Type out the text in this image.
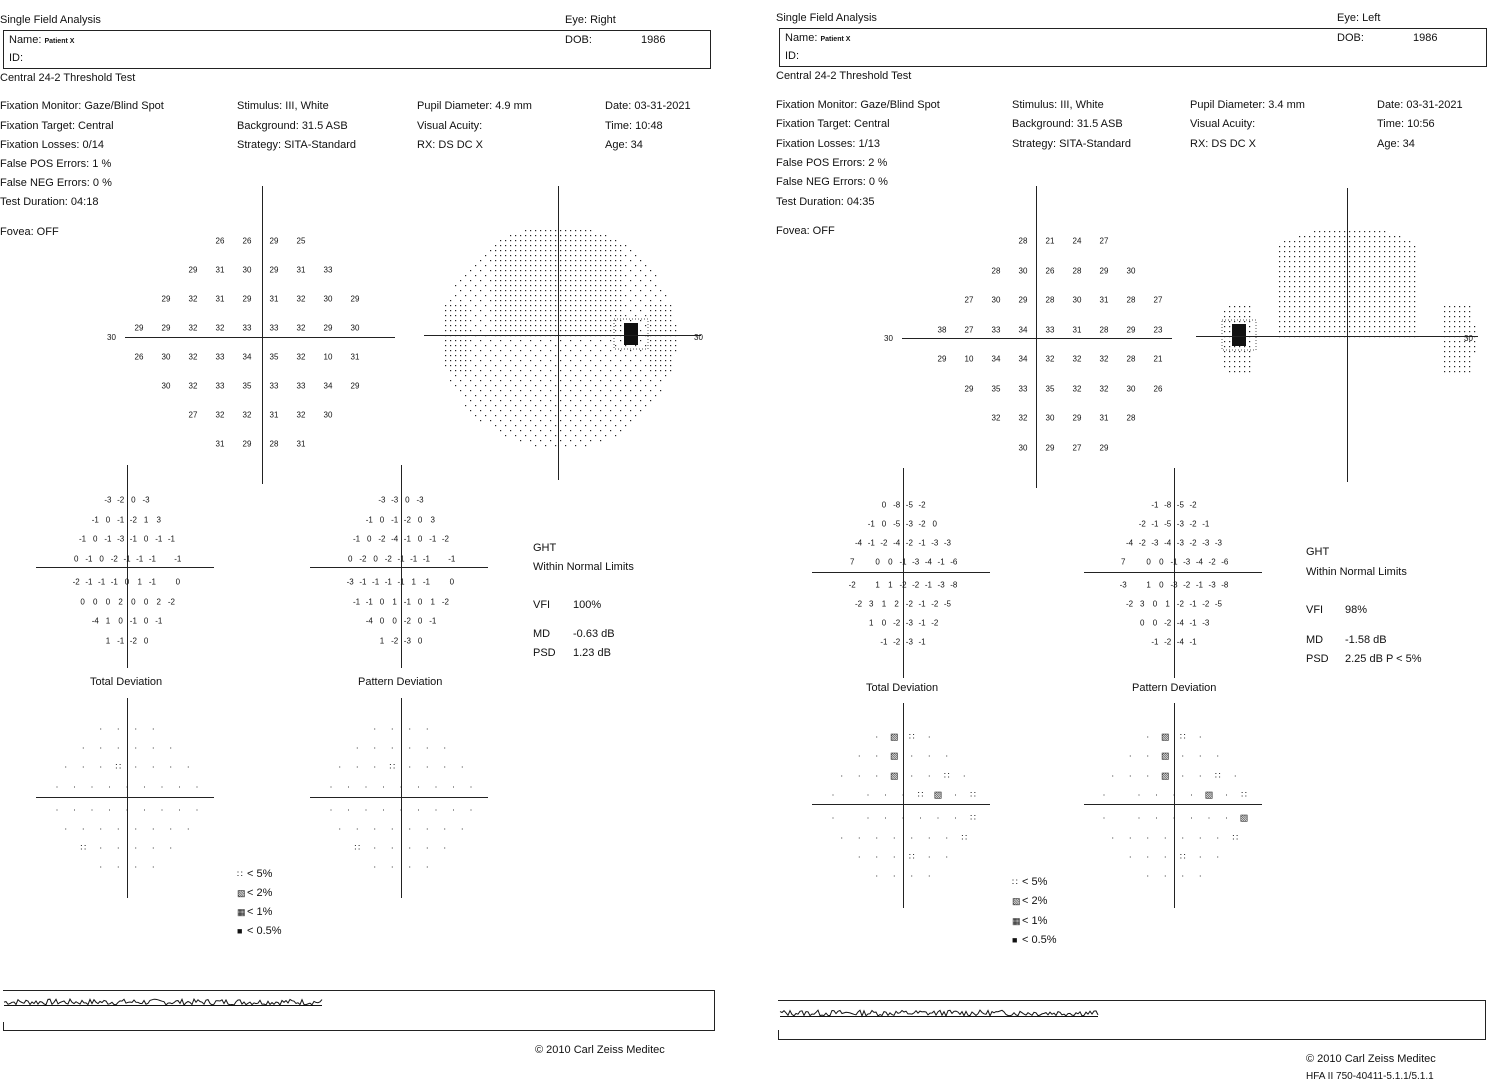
Single Field Analysis	Eye: Right
Name: Patient X
ID:
DOB:	1986
Central 24-2 Threshold Test
Fixation Monitor: Gaze/Blind Spot
Fixation Target: Central
Fixation Losses: 0/14
False POS Errors: 1 %
False NEG Errors: 0 %
Test Duration: 04:18
Stimulus: III, White
Background: 31.5 ASB
Strategy: SITA-Standard
Pupil Diameter: 4.9 mm
Visual Acuity:
RX: DS DC X
Date: 03-31-2021
Time: 10:48
Age: 34
Fovea: OFF
30
26 26 29 25
29 31 30 29 31 33
29 32 31 29 31 32 30 29
29 29 32 32 33 33 32 29 30
26 30 32 33 34 35 32 10 31
30 32 33 35 33 33 34 29
27 32 32 31 32 30
31 29 28 31
30
-3 -2 0 -3
-1 0 -1 -2 1 3
-1 0 -1 -3 -1 0 -1 -1
0 -1 0 -2 -1 -1 -1 -1
-2 -1 -1 -1 0 1 -1 0
0 0 0 2 0 0 2 -2
-4 1 0 -1 0 -1
1 -1 -2 0
-3 -3 0 -3
-1 0 -1 -2 0 3
-1 0 -2 -4 -1 0 -1 -2
0 -2 0 -2 -1 -1 -1 -1
-3 -1 -1 -1 -1 1 -1 0
-1 -1 0 1 -1 0 1 -2
-4 0 0 -2 0 -1
1 -2 -3 0
Total Deviation	Pattern Deviation
· · · ·
· · · · · ·
· · · ∷ · · · ·
· · · · · · · · ·
· · · · · · · · ·
· · · · · · · ·
∷ · · · · ·
· · · ·
· · · ·
· · · · · ·
· · · ∷ · · · ·
· · · · · · · · ·
· · · · · · · · ·
· · · · · · · ·
∷ · · · · ·
· · · ·
GHT
Within Normal Limits
VFI 100%
MD -0.63 dB
PSD 1.23 dB
∷ < 5%
▧< 2%
▦< 1%
■ < 0.5%
© 2010 Carl Zeiss Meditec
Single Field Analysis	Eye: Left
Name: Patient X
ID:
DOB:	1986
Central 24-2 Threshold Test
Fixation Monitor: Gaze/Blind Spot
Fixation Target: Central
Fixation Losses: 1/13
False POS Errors: 2 %
False NEG Errors: 0 %
Test Duration: 04:35
Stimulus: III, White
Background: 31.5 ASB
Strategy: SITA-Standard
Pupil Diameter: 3.4 mm
Visual Acuity:
RX: DS DC X
Date: 03-31-2021
Time: 10:56
Age: 34
Fovea: OFF
30
28 21 24 27
28 30 26 28 29 30
27 30 29 28 30 31 28 27
38 27 33 34 33 31 28 29 23
29 10 34 34 32 32 32 28 21
29 35 33 35 32 32 30 26
32 32 30 29 31 28
30 29 27 29
30
0 -8 -5 -2
-1 0 -5 -3 -2 0
-4 -1 -2 -4 -2 -1 -3 -3
7	0 0 -1 -3 -4 -1 -6
-2 1 1 -2 -2 -1 -3 -8
-2 3 1 2 -2 -1 -2 -5
1 0 -2 -3 -1 -2
-1 -2 -3 -1
-1 -8 -5 -2
-2 -1 -5 -3 -2 -1
-4 -2 -3 -4 -3 -2 -3 -3
7	0 0 -1 -3 -4 -2 -6
-3 1 0 -3 -2 -1 -3 -8
-2 3 0 1 -2 -1 -2 -5
0 0 -2 -4 -1 -3
-1 -2 -4 -1
Total Deviation	Pattern Deviation
· ▧ ∷ ·
· · ▧ · · ·
· · · ▧ · · ∷ ·
·	· · · ∷ ▧ · ∷
·	· · · · · · ∷
· · · · · · · ∷
· · · ∷ · ·
· · · ·
· ▧ ∷ ·
· · ▧ · · ·
· · · ▧ · · ∷ ·
·	· · · · ▧ · ∷
·	· · · · · · ▧
· · · · · · · ∷
· · · ∷ · ·
· · · ·
GHT
Within Normal Limits
VFI 98%
MD -1.58 dB
PSD 2.25 dB P < 5%
∷ < 5%
▧< 2%
▦< 1%
■ < 0.5%
© 2010 Carl Zeiss Meditec
HFA II 750-40411-5.1.1/5.1.1
